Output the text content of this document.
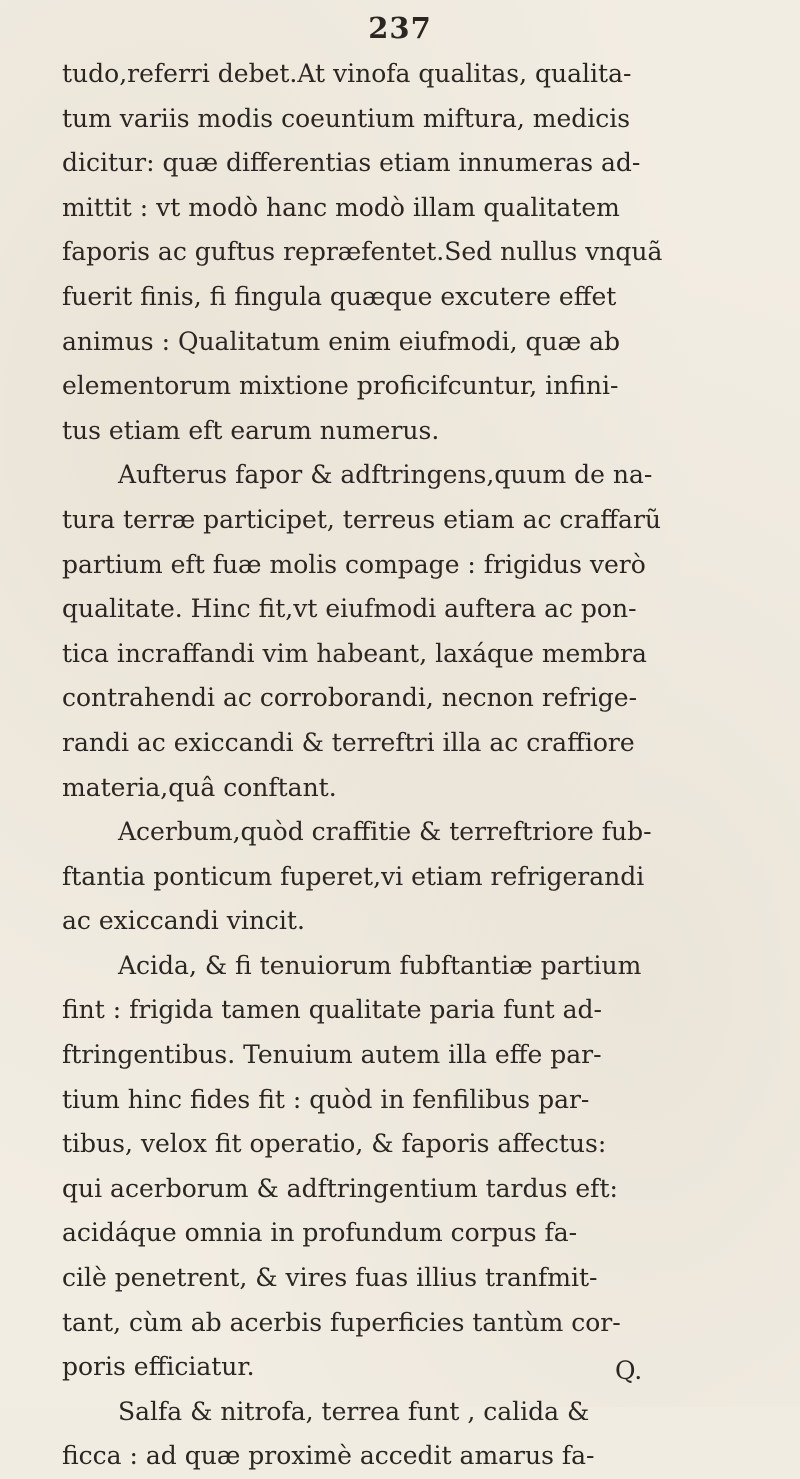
237
tudo,referri debet.At vinofa qualitas, qualita-
tum variis modis coeuntium miftura, medicis
dicitur: quæ differentias etiam innumeras ad-
mittit : vt modò hanc modò illam qualitatem
faporis ac guftus repræfentet.Sed nullus vnquã
fuerit finis, fi fingula quæque excutere effet
animus : Qualitatum enim eiufmodi, quæ ab
elementorum mixtione proficifcuntur, infini-
tus etiam eft earum numerus.
Aufterus fapor & adftringens,quum de na-
tura terræ participet, terreus etiam ac craffarũ
partium eft fuæ molis compage : frigidus verò
qualitate. Hinc fit,vt eiufmodi auftera ac pon-
tica incraffandi vim habeant, laxáque membra
contrahendi ac corroborandi, necnon refrige-
randi ac exiccandi & terreftri illa ac craffiore
materia,quâ conftant.
Acerbum,quòd craffitie & terreftriore fub-
ftantia ponticum fuperet,vi etiam refrigerandi
ac exiccandi vincit.
Acida, & fi tenuiorum fubftantiæ partium
fint : frigida tamen qualitate paria funt ad-
ftringentibus. Tenuium autem illa effe par-
tium hinc fides fit : quòd in fenfilibus par-
tibus, velox fit operatio, & faporis affectus:
qui acerborum & adftringentium tardus eft:
acidáque omnia in profundum corpus fa-
cilè penetrent, & vires fuas illius tranfmit-
tant, cùm ab acerbis fuperficies tantùm cor-
poris efficiatur.
Salfa & nitrofa, terrea funt , calida &
ficca : ad quæ proximè accedit amarus fa-
Q.
